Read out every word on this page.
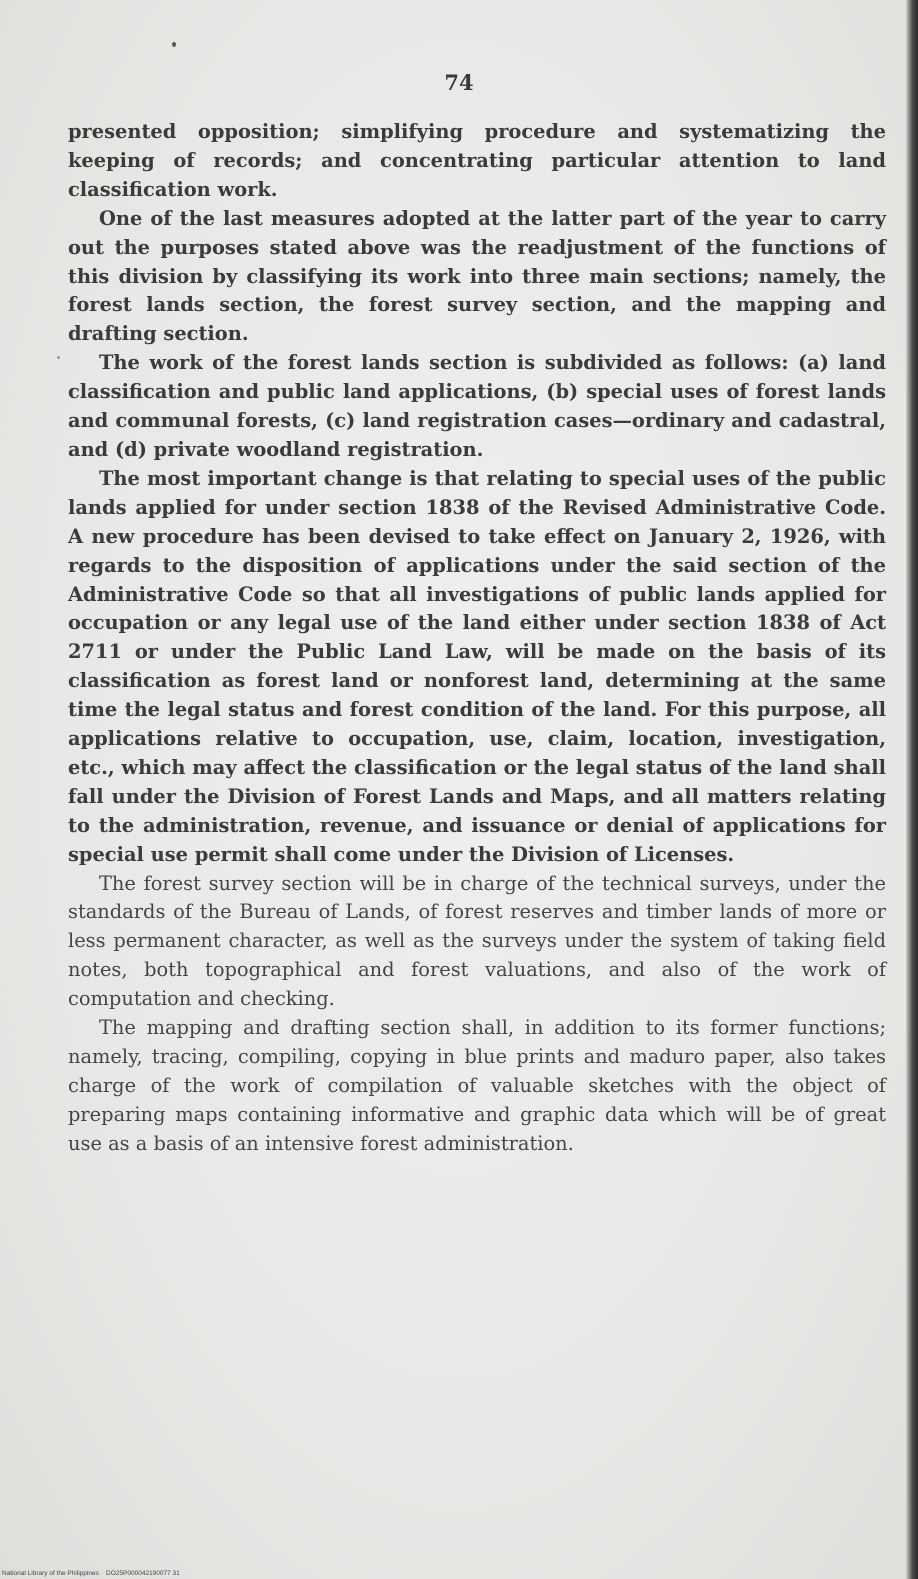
74

presented opposition; simplifying procedure and systematizing the keeping of records; and concentrating particular attention to land classification work.

One of the last measures adopted at the latter part of the year to carry out the purposes stated above was the readjustment of the functions of this division by classifying its work into three main sections; namely, the forest lands section, the forest survey section, and the mapping and drafting section.

The work of the forest lands section is subdivided as follows: (a) land classification and public land applications, (b) special uses of forest lands and communal forests, (c) land registration cases—ordinary and cadastral, and (d) private woodland registration.

The most important change is that relating to special uses of the public lands applied for under section 1838 of the Revised Administrative Code. A new procedure has been devised to take effect on January 2, 1926, with regards to the disposition of applications under the said section of the Administrative Code so that all investigations of public lands applied for occupation or any legal use of the land either under section 1838 of Act 2711 or under the Public Land Law, will be made on the basis of its classification as forest land or nonforest land, determining at the same time the legal status and forest condition of the land. For this purpose, all applications relative to occupation, use, claim, location, investigation, etc., which may affect the classification or the legal status of the land shall fall under the Division of Forest Lands and Maps, and all matters relating to the administration, revenue, and issuance or denial of applications for special use permit shall come under the Division of Licenses.

The forest survey section will be in charge of the technical surveys, under the standards of the Bureau of Lands, of forest reserves and timber lands of more or less permanent character, as well as the surveys under the system of taking field notes, both topographical and forest valuations, and also of the work of computation and checking.

The mapping and drafting section shall, in addition to its former functions; namely, tracing, compiling, copying in blue prints and maduro paper, also takes charge of the work of compilation of valuable sketches with the object of preparing maps containing informative and graphic data which will be of great use as a basis of an intensive forest administration.

National Library of the Philippines    DO25P000042190077 31
